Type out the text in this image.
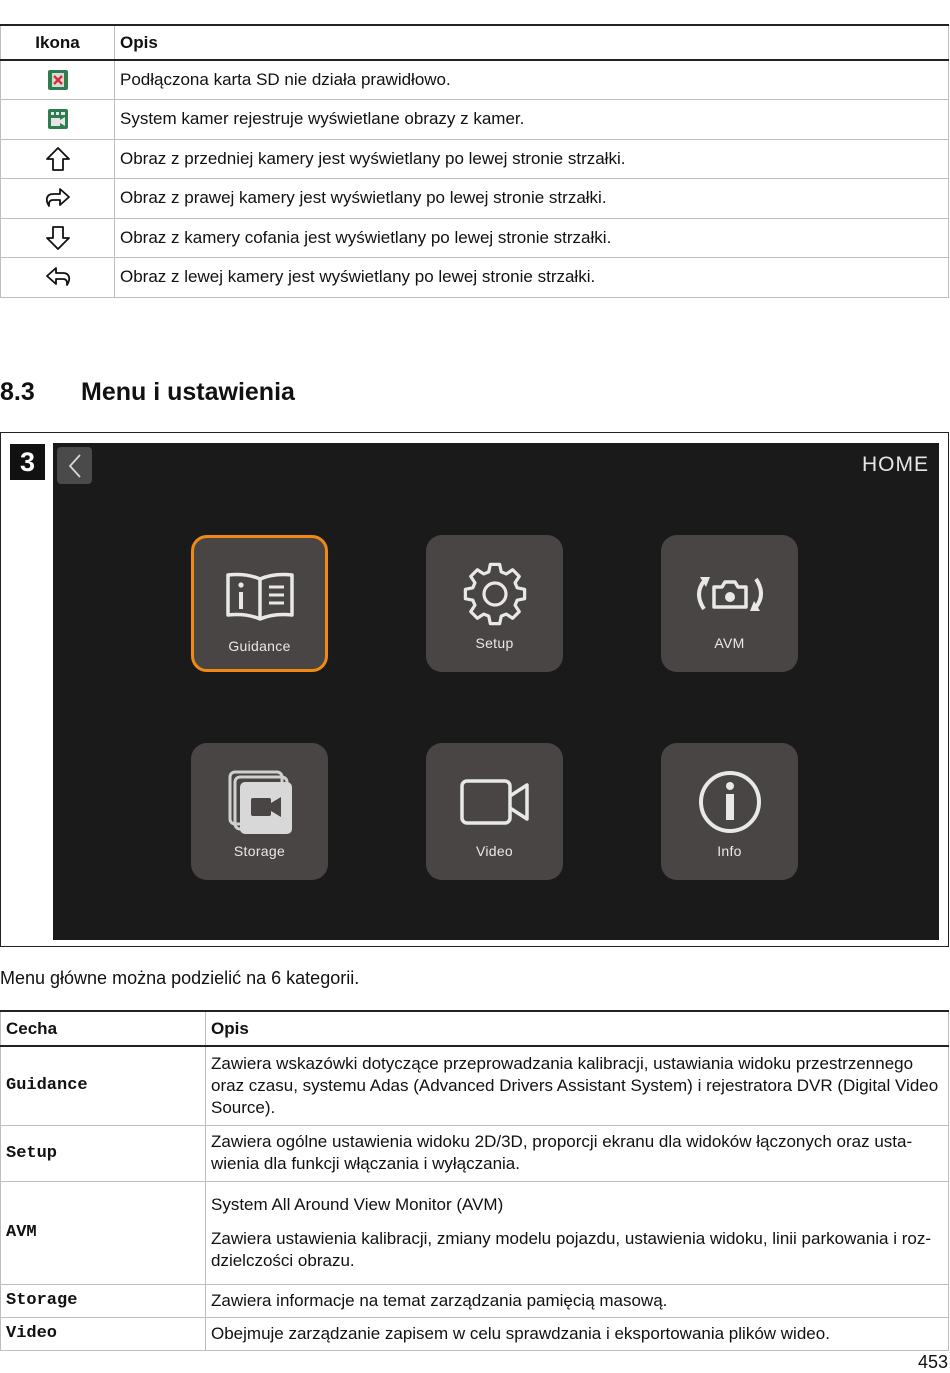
Ikona	Opis

	Podłączona karta SD nie działa prawidłowo.

	System kamer rejestruje wyświetlane obrazy z kamer.

	Obraz z przedniej kamery jest wyświetlany po lewej stronie strzałki.

	Obraz z prawej kamery jest wyświetlany po lewej stronie strzałki.

	Obraz z kamery cofania jest wyświetlany po lewej stronie strzałki.

	Obraz z lewej kamery jest wyświetlany po lewej stronie strzałki.
8.3	Menu i ustawienia
3	HOME
Guidance	Setup	AVM
Storage	Video	Info
Menu główne można podzielić na 6 kategorii.
Cecha	Opis
Guidance	Zawiera wskazówki dotyczące przeprowadzania kalibracji, ustawiania widoku przestrzennego oraz czasu, systemu Adas (Advanced Drivers Assistant System) i rejestratora DVR (Digital Video Source).

Setup	Zawiera ogólne ustawienia widoku 2D/3D, proporcji ekranu dla widoków łączonych oraz usta-wienia dla funkcji włączania i wyłączania.

AVM	System All Around View Monitor (AVM)

Zawiera ustawienia kalibracji, zmiany modelu pojazdu, ustawienia widoku, linii parkowania i roz-dzielczości obrazu.

Storage	Zawiera informacje na temat zarządzania pamięcią masową.

Video	Obejmuje zarządzanie zapisem w celu sprawdzania i eksportowania plików wideo.

453
